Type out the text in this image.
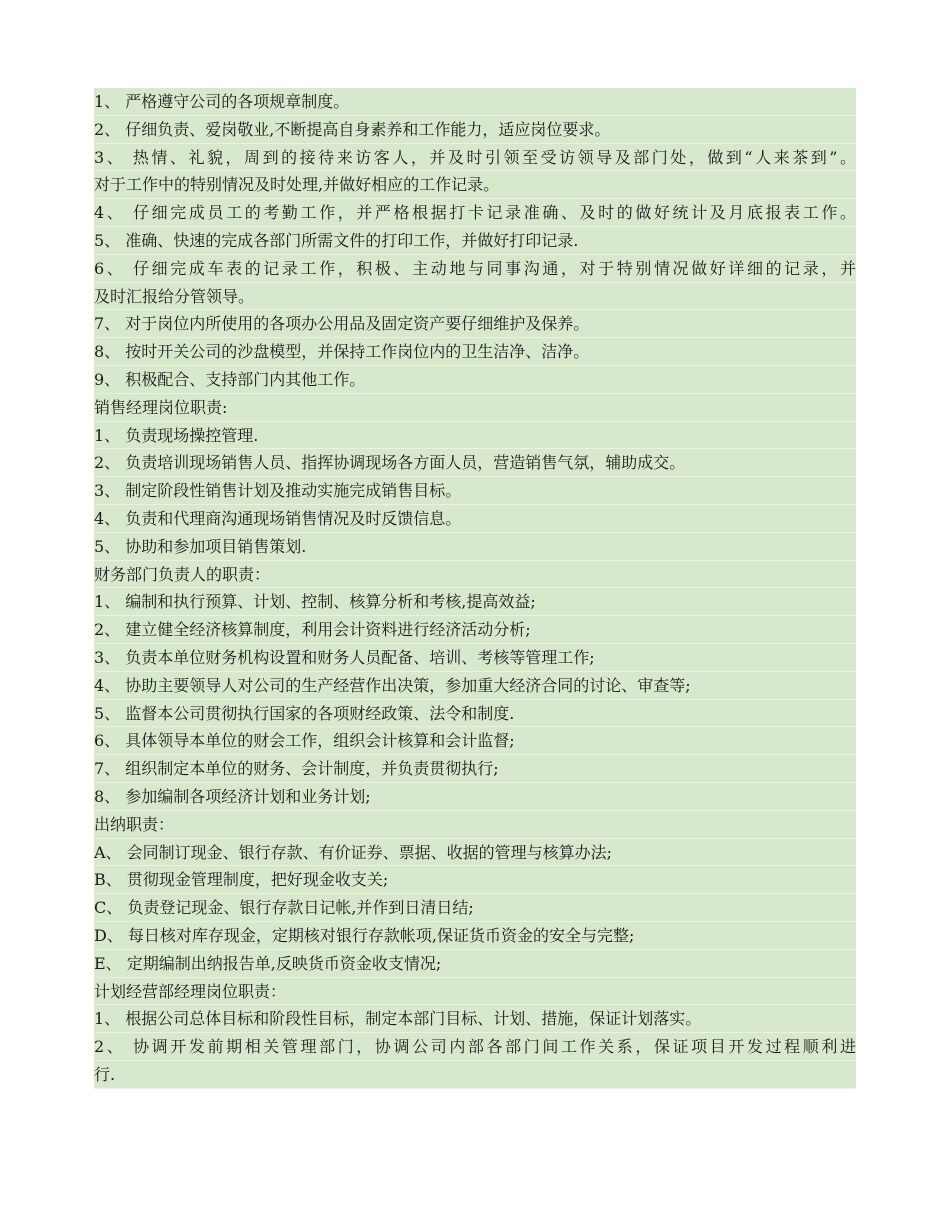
1、 严格遵守公司的各项规章制度。
2、 仔细负责、爱岗敬业,不断提高自身素养和工作能力，适应岗位要求。
3、 热情、礼貌，周到的接待来访客人，并及时引领至受访领导及部门处，做到“人来茶到”。
对于工作中的特别情况及时处理,并做好相应的工作记录。
4、 仔细完成员工的考勤工作，并严格根据打卡记录准确、及时的做好统计及月底报表工作。
5、 准确、快速的完成各部门所需文件的打印工作，并做好打印记录.
6、 仔细完成车表的记录工作，积极、主动地与同事沟通，对于特别情况做好详细的记录，并
及时汇报给分管领导。
7、 对于岗位内所使用的各项办公用品及固定资产要仔细维护及保养。
8、 按时开关公司的沙盘模型，并保持工作岗位内的卫生洁净、洁净。
9、 积极配合、支持部门内其他工作。
销售经理岗位职责:
1、 负责现场操控管理.
2、 负责培训现场销售人员、指挥协调现场各方面人员，营造销售气氛，辅助成交。
3、 制定阶段性销售计划及推动实施完成销售目标。
4、 负责和代理商沟通现场销售情况及时反馈信息。
5、 协助和参加项目销售策划.
财务部门负责人的职责：
1、 编制和执行预算、计划、控制、核算分析和考核,提高效益;
2、 建立健全经济核算制度，利用会计资料进行经济活动分析;
3、 负责本单位财务机构设置和财务人员配备、培训、考核等管理工作;
4、 协助主要领导人对公司的生产经营作出决策，参加重大经济合同的讨论、审查等;
5、 监督本公司贯彻执行国家的各项财经政策、法令和制度.
6、 具体领导本单位的财会工作，组织会计核算和会计监督;
7、 组织制定本单位的财务、会计制度，并负责贯彻执行;
8、 参加编制各项经济计划和业务计划;
出纳职责：
A、 会同制订现金、银行存款、有价证券、票据、收据的管理与核算办法;
B、 贯彻现金管理制度，把好现金收支关;
C、 负责登记现金、银行存款日记帐,并作到日清日结;
D、 每日核对库存现金，定期核对银行存款帐项,保证货币资金的安全与完整;
E、 定期编制出纳报告单,反映货币资金收支情况;
计划经营部经理岗位职责：
1、 根据公司总体目标和阶段性目标，制定本部门目标、计划、措施，保证计划落实。
2、 协调开发前期相关管理部门，协调公司内部各部门间工作关系，保证项目开发过程顺利进
行.
